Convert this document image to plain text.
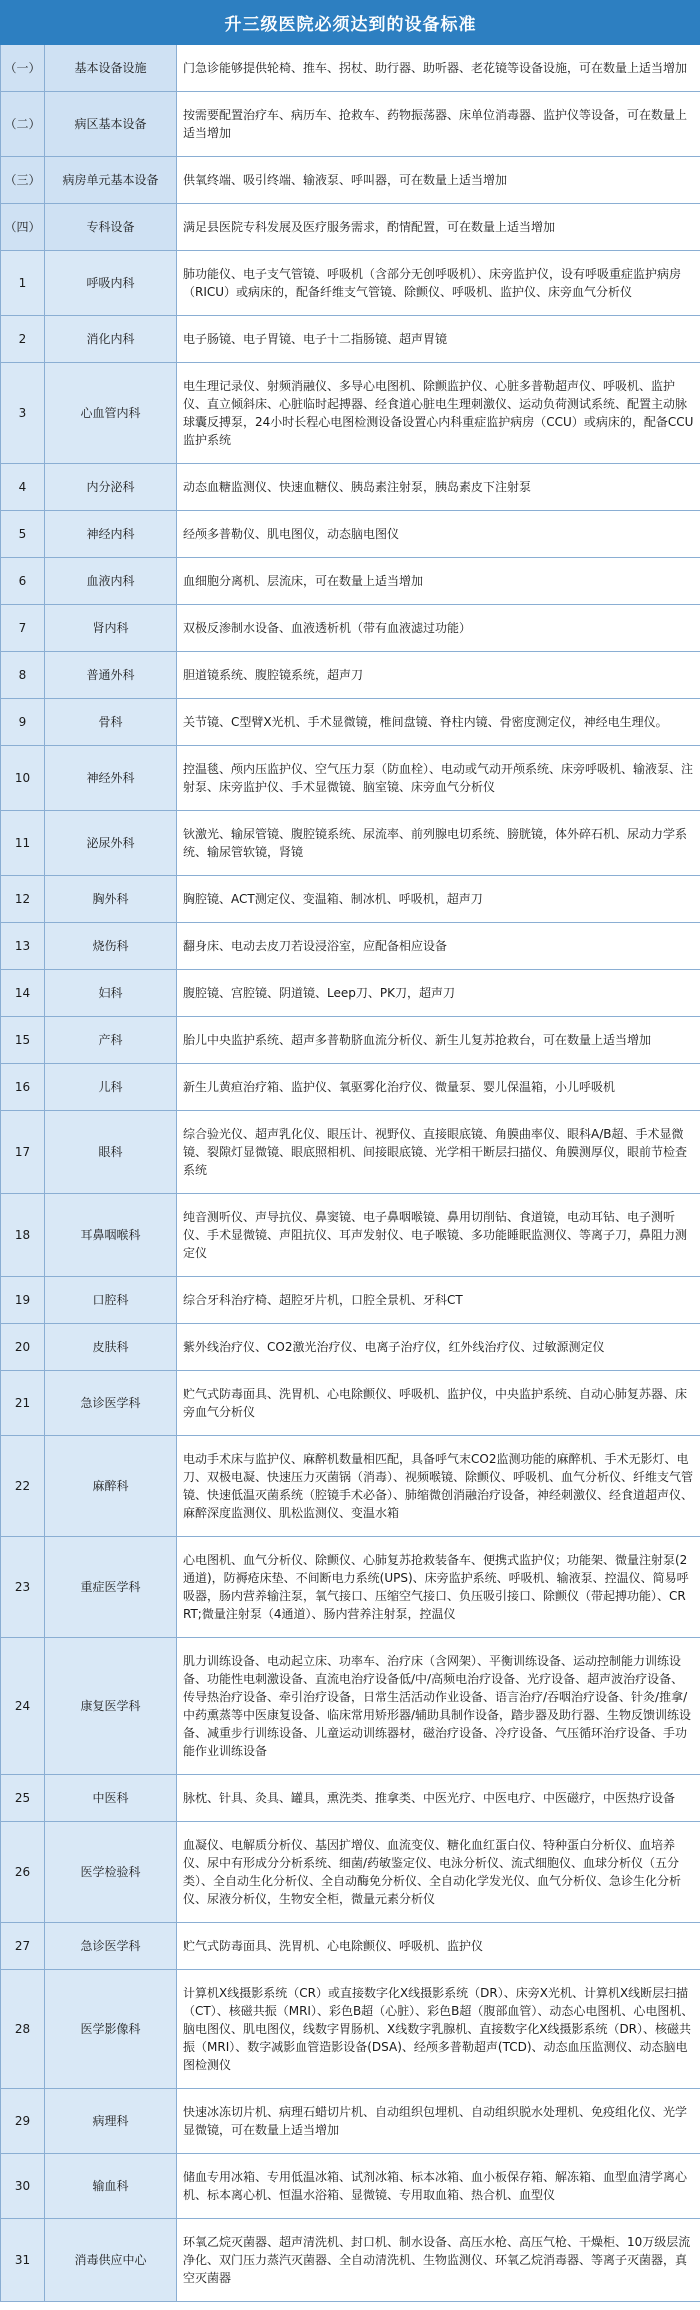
升三级医院必须达到的设备标准		
（一）	基本设备设施	门急诊能够提供轮椅、推车、拐杖、助行器、助听器、老花镜等设备设施，可在数量上适当增加
（二）	病区基本设备	按需要配置治疗车、病历车、抢救车、药物振荡器、床单位消毒器、监护仪等设备，可在数量上适当增加
（三）	病房单元基本设备	供氧终端、吸引终端、输液泵、呼叫器，可在数量上适当增加
（四）	专科设备	满足县医院专科发展及医疗服务需求，酌情配置，可在数量上适当增加
1	呼吸内科	肺功能仪、电子支气管镜、呼吸机（含部分无创呼吸机）、床旁监护仪，设有呼吸重症监护病房（RICU）或病床的，配备纤维支气管镜、除颤仪、呼吸机、监护仪、床旁血气分析仪
2	消化内科	电子肠镜、电子胃镜、电子十二指肠镜、超声胃镜
3	心血管内科	电生理记录仪、射频消融仪、多导心电图机、除颤监护仪、心脏多普勒超声仪、呼吸机、监护仪、直立倾斜床、心脏临时起搏器、经食道心脏电生理刺激仪、运动负荷测试系统、配置主动脉球囊反搏泵，24小时长程心电图检测设备设置心内科重症监护病房（CCU）或病床的，配备CCU监护系统
4	内分泌科	动态血糖监测仪、快速血糖仪、胰岛素注射泵，胰岛素皮下注射泵
5	神经内科	经颅多普勒仪、肌电图仪，动态脑电图仪
6	血液内科	血细胞分离机、层流床，可在数量上适当增加
7	肾内科	双极反渗制水设备、血液透析机（带有血液滤过功能）
8	普通外科	胆道镜系统、腹腔镜系统，超声刀
9	骨科	关节镜、C型臂X光机、手术显微镜，椎间盘镜、脊柱内镜、骨密度测定仪，神经电生理仪。
10	神经外科	控温毯、颅内压监护仪、空气压力泵（防血栓）、电动或气动开颅系统、床旁呼吸机、输液泵、注射泵、床旁监护仪、手术显微镜、脑室镜、床旁血气分析仪
11	泌尿外科	钬激光、输尿管镜、腹腔镜系统、尿流率、前列腺电切系统、膀胱镜，体外碎石机、尿动力学系统、输尿管软镜，肾镜
12	胸外科	胸腔镜、ACT测定仪、变温箱、制冰机、呼吸机，超声刀
13	烧伤科	翻身床、电动去皮刀若设浸浴室，应配备相应设备
14	妇科	腹腔镜、宫腔镜、阴道镜、Leep刀、PK刀，超声刀
15	产科	胎儿中央监护系统、超声多普勒脐血流分析仪、新生儿复苏抢救台，可在数量上适当增加
16	儿科	新生儿黄疸治疗箱、监护仪、氧驱雾化治疗仪、微量泵、婴儿保温箱，小儿呼吸机
17	眼科	综合验光仪、超声乳化仪、眼压计、视野仪、直接眼底镜、角膜曲率仪、眼科A/B超、手术显微镜、裂隙灯显微镜、眼底照相机、间接眼底镜、光学相干断层扫描仪、角膜测厚仪，眼前节检查系统
18	耳鼻咽喉科	纯音测听仪、声导抗仪、鼻窦镜、电子鼻咽喉镜、鼻用切削钻、食道镜，电动耳钻、电子测听仪、手术显微镜、声阻抗仪、耳声发射仪、电子喉镜、多功能睡眠监测仪、等离子刀，鼻阻力测定仪
19	口腔科	综合牙科治疗椅、超腔牙片机，口腔全景机、牙科CT
20	皮肤科	紫外线治疗仪、CO2激光治疗仪、电离子治疗仪，红外线治疗仪、过敏源测定仪
21	急诊医学科	贮气式防毒面具、洗胃机、心电除颤仪、呼吸机、监护仪，中央监护系统、自动心肺复苏器、床旁血气分析仪
22	麻醉科	电动手术床与监护仪、麻醉机数量相匹配，具备呼气末CO2监测功能的麻醉机、手术无影灯、电刀、双极电凝、快速压力灭菌锅（消毒）、视频喉镜、除颤仪、呼吸机、血气分析仪、纤维支气管镜、快速低温灭菌系统（腔镜手术必备）、肺缩微创消融治疗设备，神经刺激仪、经食道超声仪、麻醉深度监测仪、肌松监测仪、变温水箱
23	重症医学科	心电图机、血气分析仪、除颤仪、心肺复苏抢救装备车、便携式监护仪；功能架、微量注射泵(2通道)，防褥疮床垫、不间断电力系统(UPS)、床旁监护系统、呼吸机、输液泵、控温仪、简易呼吸器，肠内营养输注泵，氧气接口、压缩空气接口、负压吸引接口、除颤仪（带起搏功能）、CRRT;微量注射泵（4通道）、肠内营养注射泵，控温仪
24	康复医学科	肌力训练设备、电动起立床、功率车、治疗床（含网架）、平衡训练设备、运动控制能力训练设备、功能性电刺激设备、直流电治疗设备低/中/高频电治疗设备、光疗设备、超声波治疗设备、传导热治疗设备、牵引治疗设备，日常生活活动作业设备、语言治疗/吞咽治疗设备、针灸/推拿/中药熏蒸等中医康复设备、临床常用矫形器/辅助具制作设备，踏步器及助行器、生物反馈训练设备、减重步行训练设备、儿童运动训练器材，磁治疗设备、冷疗设备、气压循环治疗设备、手功能作业训练设备
25	中医科	脉枕、针具、灸具、罐具，熏洗类、推拿类、中医光疗、中医电疗、中医磁疗，中医热疗设备
26	医学检验科	血凝仪、电解质分析仪、基因扩增仪、血流变仪、糖化血红蛋白仪、特种蛋白分析仪、血培养仪、尿中有形成分分析系统、细菌/药敏鉴定仪、电泳分析仪、流式细胞仪、血球分析仪（五分类）、全自动生化分析仪、全自动酶免分析仪、全自动化学发光仪、血气分析仪、急诊生化分析仪、尿液分析仪，生物安全柜，微量元素分析仪
27	急诊医学科	贮气式防毒面具、洗胃机、心电除颤仪、呼吸机、监护仪
28	医学影像科	计算机X线摄影系统（CR）或直接数字化X线摄影系统（DR）、床旁X光机、计算机X线断层扫描（CT）、核磁共振（MRI）、彩色B超（心脏）、彩色B超（腹部血管）、动态心电图机、心电图机、脑电图仪、肌电图仪，线数字胃肠机、X线数字乳腺机、直接数字化X线摄影系统（DR）、核磁共振（MRI）、数字减影血管造影设备(DSA)、经颅多普勒超声(TCD)、动态血压监测仪、动态脑电图检测仪
29	病理科	快速冰冻切片机、病理石蜡切片机、自动组织包埋机、自动组织脱水处理机、免疫组化仪、光学显微镜，可在数量上适当增加
30	输血科	储血专用冰箱、专用低温冰箱、试剂冰箱、标本冰箱、血小板保存箱、解冻箱、血型血清学离心机、标本离心机、恒温水浴箱、显微镜、专用取血箱、热合机、血型仪
31	消毒供应中心	环氧乙烷灭菌器、超声清洗机、封口机、制水设备、高压水枪、高压气枪、干燥柜、10万级层流净化、双门压力蒸汽灭菌器、全自动清洗机、生物监测仪、环氧乙烷消毒器、等离子灭菌器，真空灭菌器
